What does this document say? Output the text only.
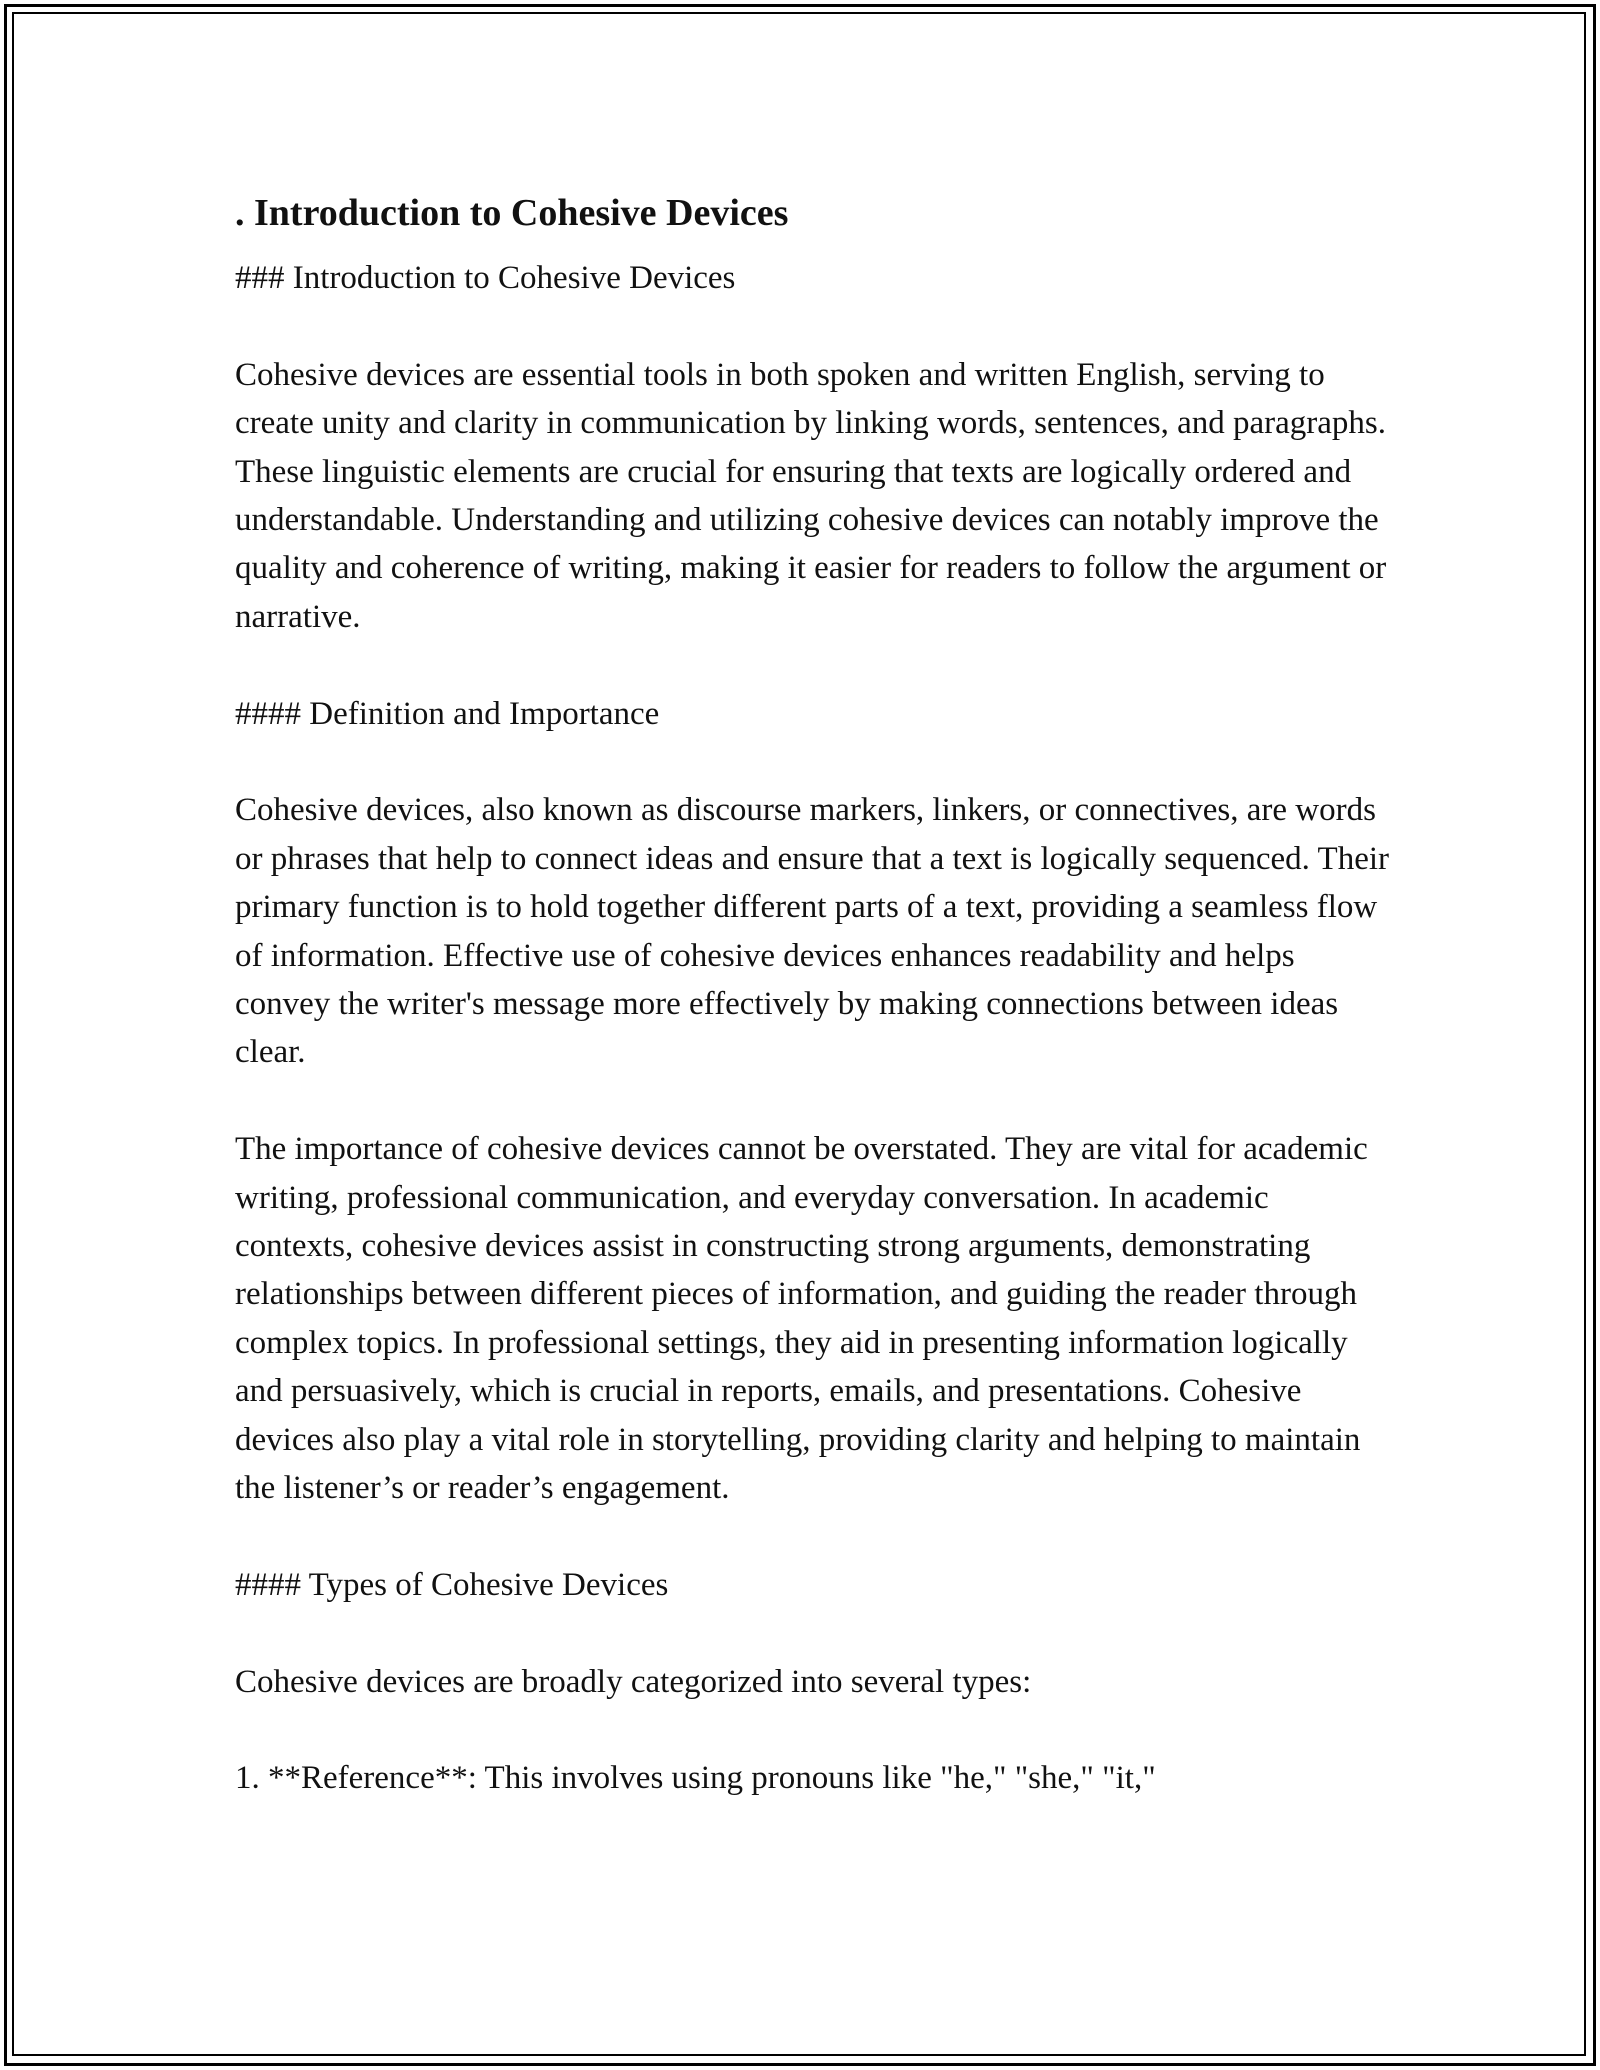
. Introduction to Cohesive Devices
### Introduction to Cohesive Devices
Cohesive devices are essential tools in both spoken and written English, serving to create unity and clarity in communication by linking words, sentences, and paragraphs. These linguistic elements are crucial for ensuring that texts are logically ordered and understandable. Understanding and utilizing cohesive devices can notably improve the quality and coherence of writing, making it easier for readers to follow the argument or narrative.
#### Definition and Importance
Cohesive devices, also known as discourse markers, linkers, or connectives, are words or phrases that help to connect ideas and ensure that a text is logically sequenced. Their primary function is to hold together different parts of a text, providing a seamless flow of information. Effective use of cohesive devices enhances readability and helps convey the writer's message more effectively by making connections between ideas clear.
The importance of cohesive devices cannot be overstated. They are vital for academic writing, professional communication, and everyday conversation. In academic contexts, cohesive devices assist in constructing strong arguments, demonstrating relationships between different pieces of information, and guiding the reader through complex topics. In professional settings, they aid in presenting information logically and persuasively, which is crucial in reports, emails, and presentations. Cohesive devices also play a vital role in storytelling, providing clarity and helping to maintain the listener’s or reader’s engagement.
#### Types of Cohesive Devices
Cohesive devices are broadly categorized into several types:
1. **Reference**: This involves using pronouns like "he," "she," "it,"
